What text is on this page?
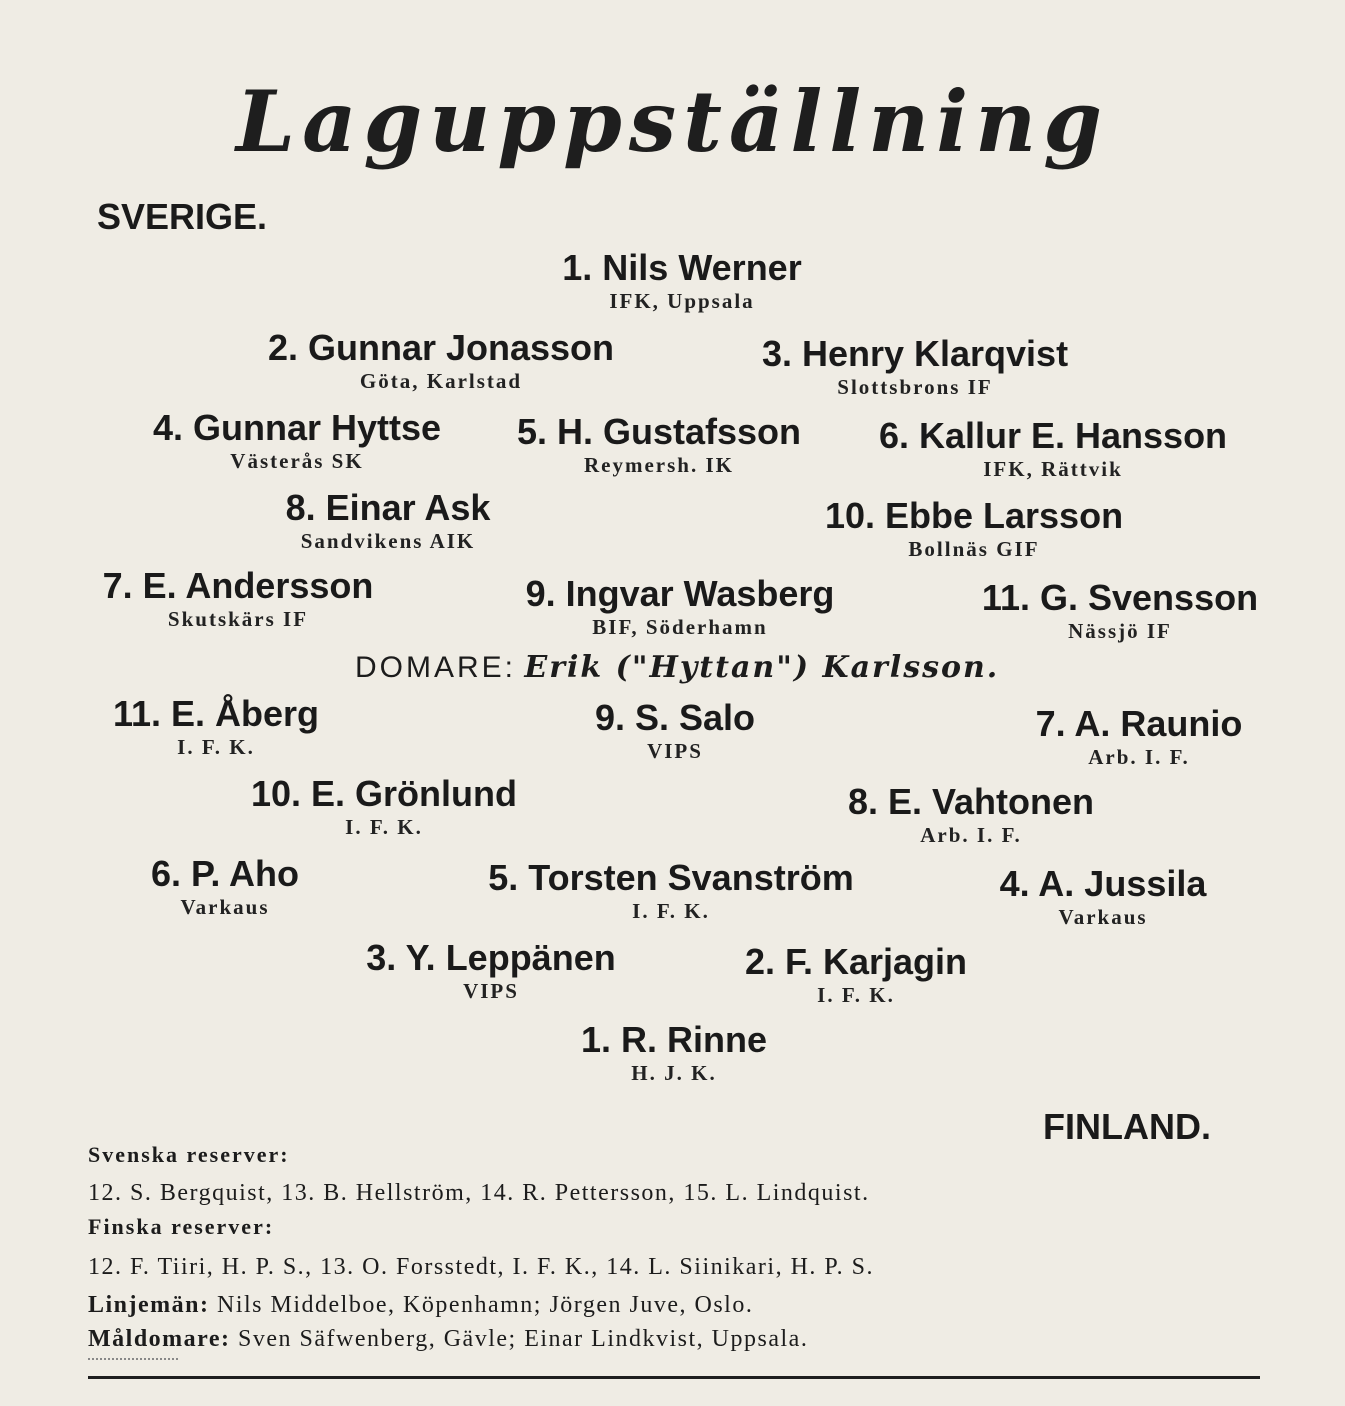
Laguppställning
SVERIGE.
1. Nils Werner
IFK, Uppsala
2. Gunnar Jonasson
Göta, Karlstad
3. Henry Klarqvist
Slottsbrons IF
4. Gunnar Hyttse
Västerås SK
5. H. Gustafsson
Reymersh. IK
6. Kallur E. Hansson
IFK, Rättvik
8. Einar Ask
Sandvikens AIK
10. Ebbe Larsson
Bollnäs GIF
7. E. Andersson
Skutskärs IF
9. Ingvar Wasberg
BIF, Söderhamn
11. G. Svensson
Nässjö IF
DOMARE: Erik ("Hyttan") Karlsson.
11. E. Åberg
I. F. K.
9. S. Salo
VIPS
7. A. Raunio
Arb. I. F.
10. E. Grönlund
I. F. K.
8. E. Vahtonen
Arb. I. F.
6. P. Aho
Varkaus
5. Torsten Svanström
I. F. K.
4. A. Jussila
Varkaus
3. Y. Leppänen
VIPS
2. F. Karjagin
I. F. K.
1. R. Rinne
H. J. K.
FINLAND.
Svenska reserver:
12. S. Bergquist, 13. B. Hellström, 14. R. Pettersson, 15. L. Lindquist.
Finska reserver:
12. F. Tiiri, H. P. S., 13. O. Forsstedt, I. F. K., 14. L. Siinikari, H. P. S.
Linjemän: Nils Middelboe, Köpenhamn; Jörgen Juve, Oslo.
Måldomare: Sven Säfwenberg, Gävle; Einar Lindkvist, Uppsala.
